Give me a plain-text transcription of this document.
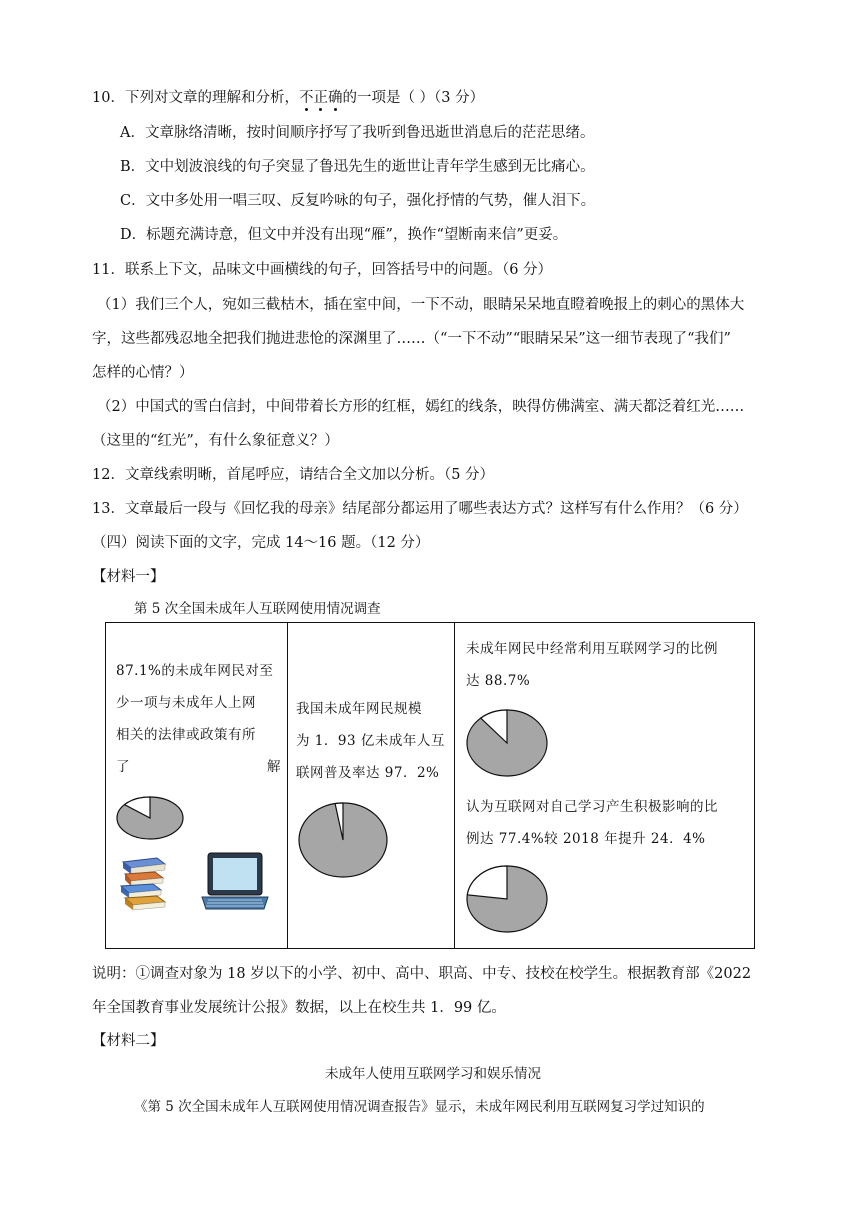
10．下列对文章的理解和分析，不正确的一项是（ ）（3 分）
A．文章脉络清晰，按时间顺序抒写了我听到鲁迅逝世消息后的茫茫思绪。
B．文中划波浪线的句子突显了鲁迅先生的逝世让青年学生感到无比痛心。
C．文中多处用一唱三叹、反复吟咏的句子，强化抒情的气势，催人泪下。
D．标题充满诗意，但文中并没有出现“雁”，换作“望断南来信”更妥。
11．联系上下文，品味文中画横线的句子，回答括号中的问题。（6 分）
（1）我们三个人，宛如三截枯木，插在室中间，一下不动，眼睛呆呆地直瞪着晚报上的刺心的黑体大
字，这些都残忍地全把我们抛进悲怆的深渊里了……（“一下不动”“眼睛呆呆”这一细节表现了“我们”
怎样的心情？）
（2）中国式的雪白信封，中间带着长方形的红框，嫣红的线条，映得仿佛满室、满天都泛着红光……
（这里的“红光”，有什么象征意义？）
12．文章线索明晰，首尾呼应，请结合全文加以分析。（5 分）
13．文章最后一段与《回忆我的母亲》结尾部分都运用了哪些表达方式？这样写有什么作用？（6 分）
（四）阅读下面的文字，完成 14～16 题。（12 分）
【材料一】
第 5 次全国未成年人互联网使用情况调查
87.1%的未成年网民对至
少一项与未成年人上网
相关的法律或政策有所
了	解
我国未成年网民规模
为 1．93 亿未成年人互
联网普及率达 97．2%
未成年网民中经常利用互联网学习的比例
达 88.7%
认为互联网对自己学习产生积极影响的比
例达 77.4%较 2018 年提升 24．4%
说明：①调查对象为 18 岁以下的小学、初中、高中、职高、中专、技校在校学生。根据教育部《2022
年全国教育事业发展统计公报》数据，以上在校生共 1．99 亿。
【材料二】
未成年人使用互联网学习和娱乐情况
《第 5 次全国未成年人互联网使用情况调查报告》显示，未成年网民利用互联网复习学过知识的
